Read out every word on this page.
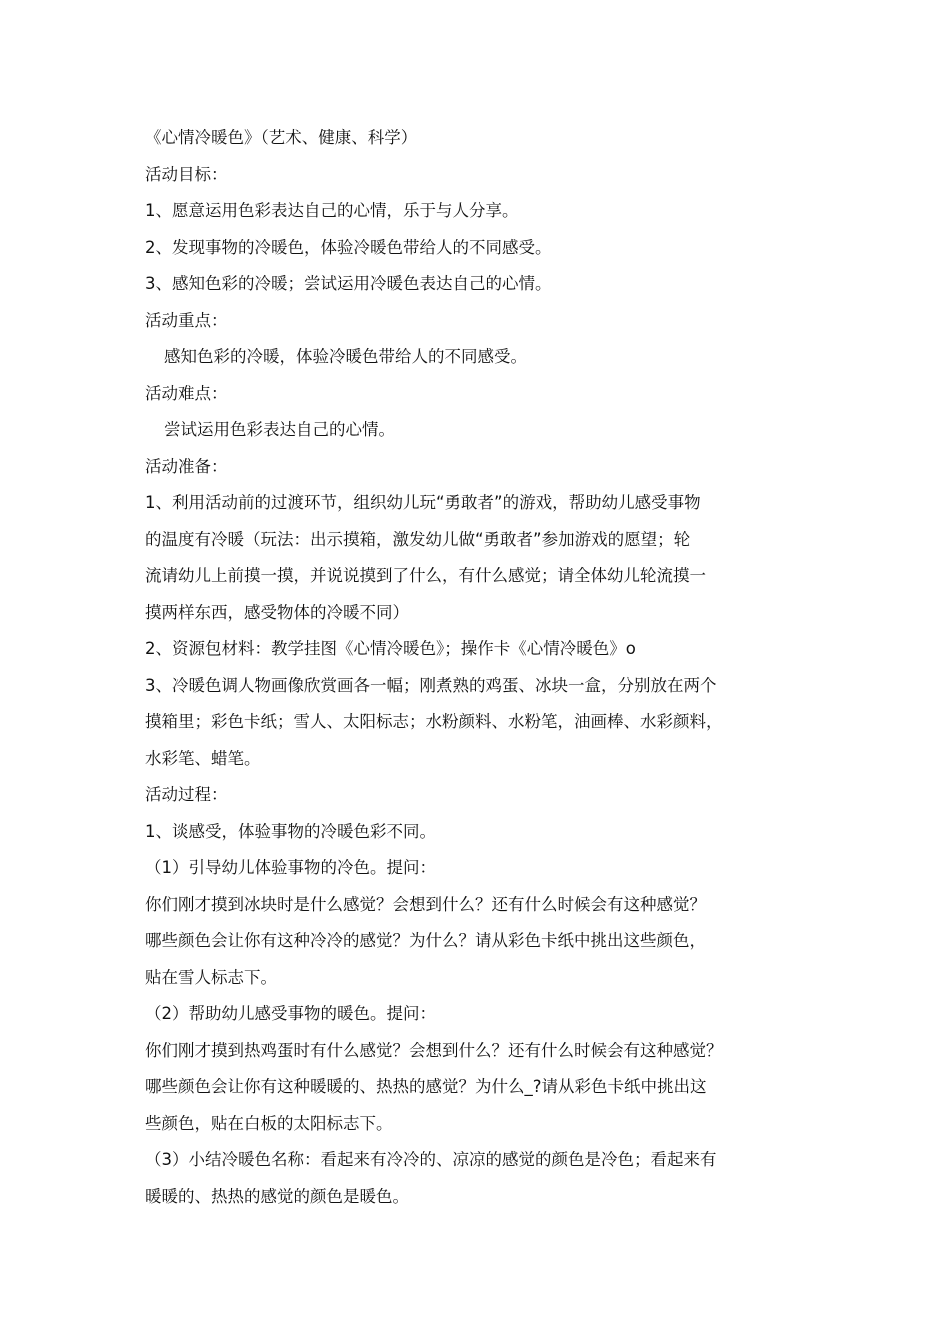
《心情冷暖色》（艺术、健康、科学）
活动目标：
1、愿意运用色彩表达自己的心情，乐于与人分享。
2、发现事物的冷暖色，体验冷暖色带给人的不同感受。
3、感知色彩的冷暖；尝试运用冷暖色表达自己的心情。
活动重点：
感知色彩的冷暖，体验冷暖色带给人的不同感受。
活动难点：
尝试运用色彩表达自己的心情。
活动准备：
1、利用活动前的过渡环节，组织幼儿玩“勇敢者”的游戏，帮助幼儿感受事物
的温度有冷暖（玩法：出示摸箱，激发幼儿做“勇敢者”参加游戏的愿望；轮
流请幼儿上前摸一摸，并说说摸到了什么，有什么感觉；请全体幼儿轮流摸一
摸两样东西，感受物体的冷暖不同）
2、资源包材料：教学挂图《心情冷暖色》；操作卡《心情冷暖色》o
3、冷暖色调人物画像欣赏画各一幅；刚煮熟的鸡蛋、冰块一盒，分别放在两个
摸箱里；彩色卡纸；雪人、太阳标志；水粉颜料、水粉笔，油画棒、水彩颜料，
水彩笔、蜡笔。
活动过程：
1、谈感受，体验事物的冷暖色彩不同。
（1）引导幼儿体验事物的冷色。提问：
你们刚才摸到冰块时是什么感觉？会想到什么？还有什么时候会有这种感觉？
哪些颜色会让你有这种冷冷的感觉？为什么？请从彩色卡纸中挑出这些颜色，
贴在雪人标志下。
（2）帮助幼儿感受事物的暖色。提问：
你们刚才摸到热鸡蛋时有什么感觉？会想到什么？还有什么时候会有这种感觉？
哪些颜色会让你有这种暖暖的、热热的感觉？为什么_?请从彩色卡纸中挑出这
些颜色，贴在白板的太阳标志下。
（3）小结冷暖色名称：看起来有冷冷的、凉凉的感觉的颜色是冷色；看起来有
暖暖的、热热的感觉的颜色是暖色。
